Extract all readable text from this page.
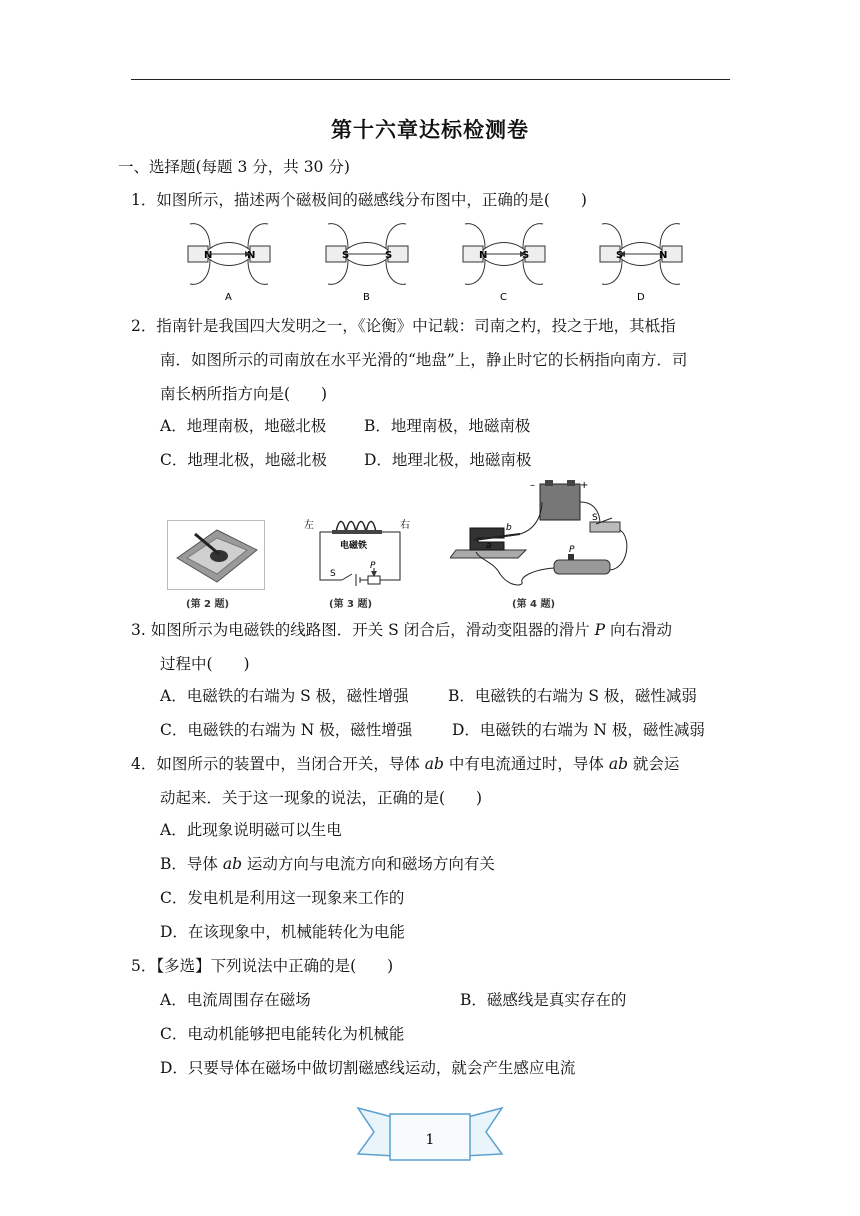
第十六章达标检测卷
一、选择题(每题 3 分，共 30 分)
1．如图所示，描述两个磁极间的磁感线分布图中，正确的是(　　)
N	N
A
S	S
B
N	S
C
S	N
D
2．指南针是我国四大发明之一，《论衡》中记载：司南之杓，投之于地，其柢指
南．如图所示的司南放在水平光滑的“地盘”上，静止时它的长柄指向南方．司
南长柄所指方向是(　　)
A．地理南极，地磁北极 B．地理南极，地磁南极
C．地理北极，地磁北极 D．地理北极，地磁南极
(第 2 题)
左	右
电磁铁
S
P
(第 3 题)
–	+
a
b
S
P
(第 4 题)
3. 如图所示为电磁铁的线路图．开关 S 闭合后，滑动变阻器的滑片 P 向右滑动
过程中(　　)
A．电磁铁的右端为 S 极，磁性增强	B．电磁铁的右端为 S 极，磁性减弱
C．电磁铁的右端为 N 极，磁性增强	D．电磁铁的右端为 N 极，磁性减弱
4．如图所示的装置中，当闭合开关，导体 ab 中有电流通过时，导体 ab 就会运
动起来．关于这一现象的说法，正确的是(　　)
A．此现象说明磁可以生电
B．导体 ab 运动方向与电流方向和磁场方向有关
C．发电机是利用这一现象来工作的
D．在该现象中，机械能转化为电能
5．【多选】下列说法中正确的是(　　)
A．电流周围存在磁场	B．磁感线是真实存在的
C．电动机能够把电能转化为机械能
D．只要导体在磁场中做切割磁感线运动，就会产生感应电流
1
